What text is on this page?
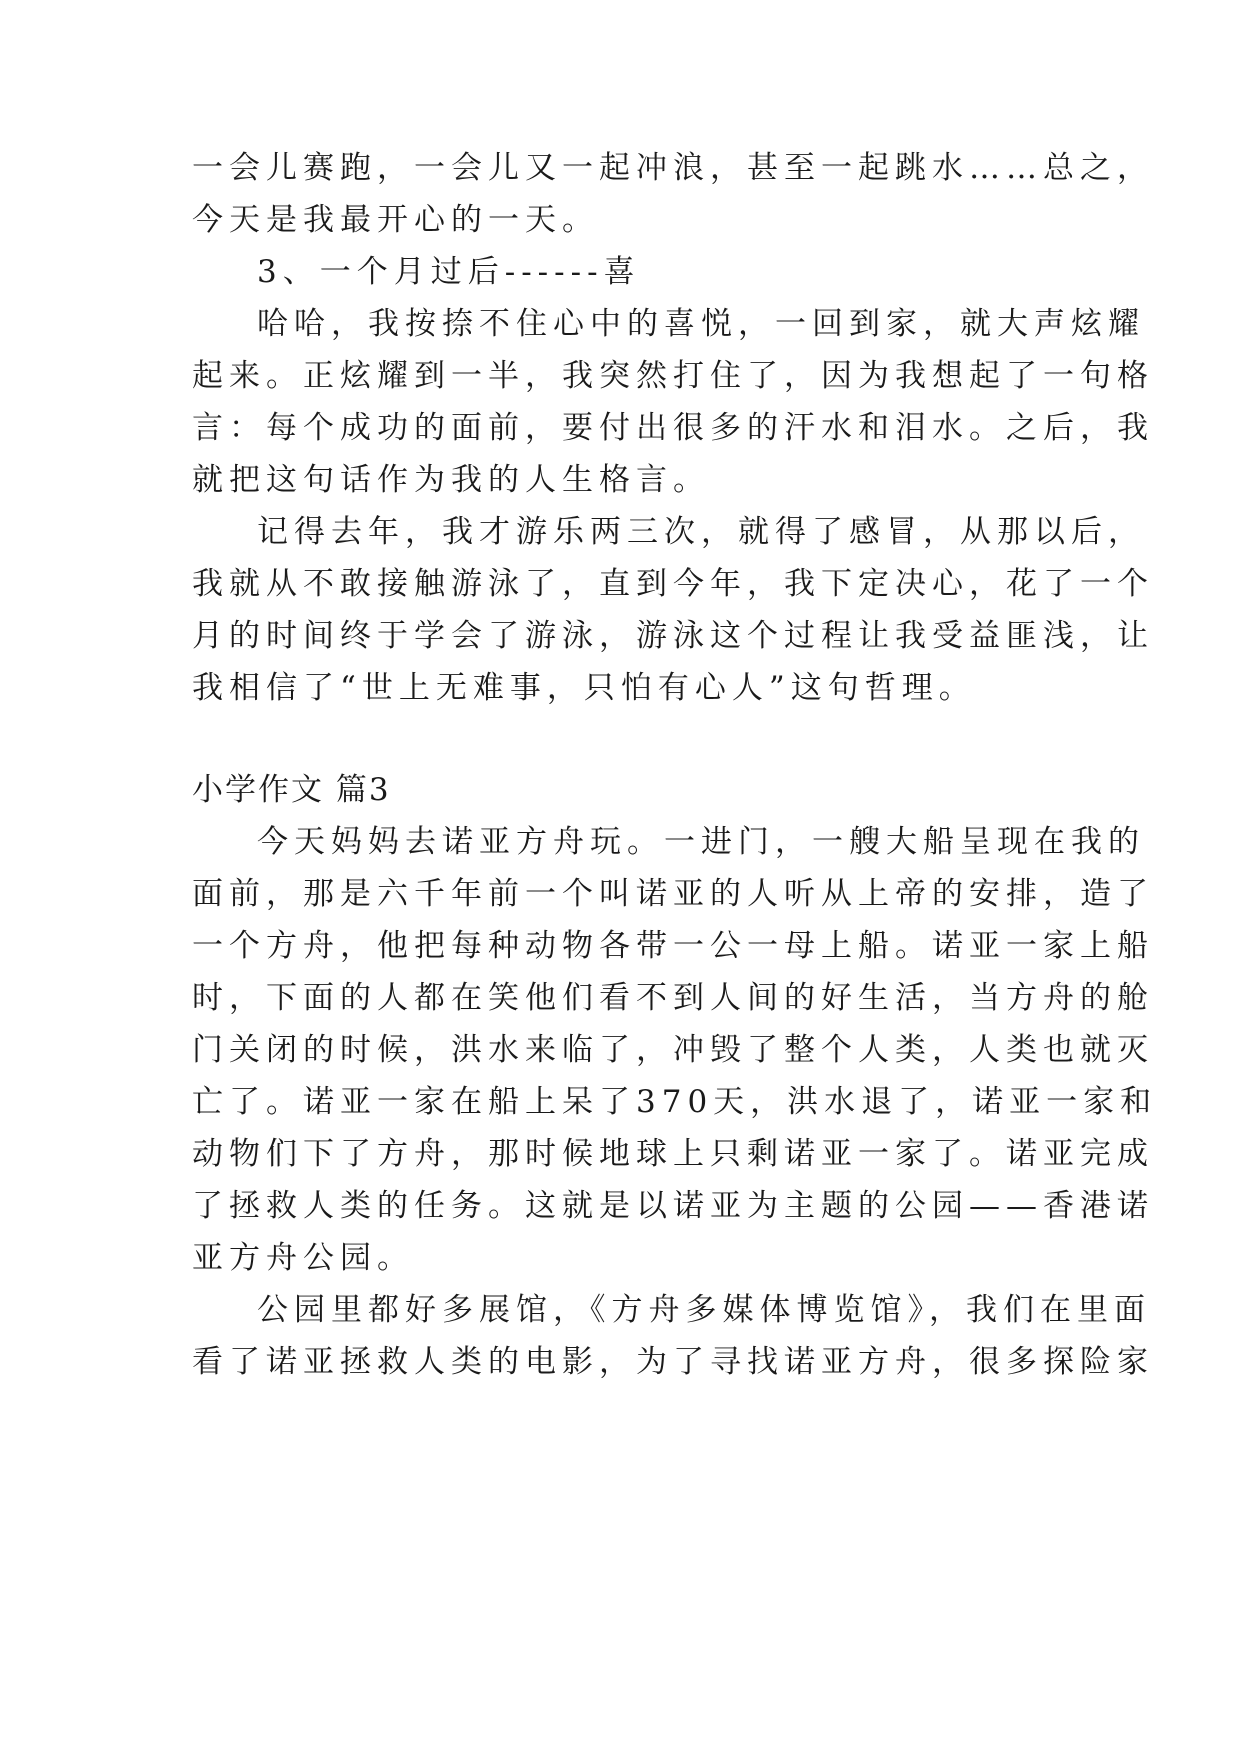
一会儿赛跑，一会儿又一起冲浪，甚至一起跳水……总之，

今天是我最开心的一天。

3、一个月过后------喜

哈哈，我按捺不住心中的喜悦，一回到家，就大声炫耀

起来。正炫耀到一半，我突然打住了，因为我想起了一句格

言：每个成功的面前，要付出很多的汗水和泪水。之后，我

就把这句话作为我的人生格言。

记得去年，我才游乐两三次，就得了感冒，从那以后，

我就从不敢接触游泳了，直到今年，我下定决心，花了一个

月的时间终于学会了游泳，游泳这个过程让我受益匪浅，让

我相信了“世上无难事，只怕有心人”这句哲理。

小学作文 篇3

今天妈妈去诺亚方舟玩。一进门，一艘大船呈现在我的

面前，那是六千年前一个叫诺亚的人听从上帝的安排，造了

一个方舟，他把每种动物各带一公一母上船。诺亚一家上船

时，下面的人都在笑他们看不到人间的好生活，当方舟的舱

门关闭的时候，洪水来临了，冲毁了整个人类，人类也就灭

亡了。诺亚一家在船上呆了370天，洪水退了，诺亚一家和

动物们下了方舟，那时候地球上只剩诺亚一家了。诺亚完成

了拯救人类的任务。这就是以诺亚为主题的公园——香港诺

亚方舟公园。

公园里都好多展馆，《方舟多媒体博览馆》，我们在里面

看了诺亚拯救人类的电影，为了寻找诺亚方舟，很多探险家
